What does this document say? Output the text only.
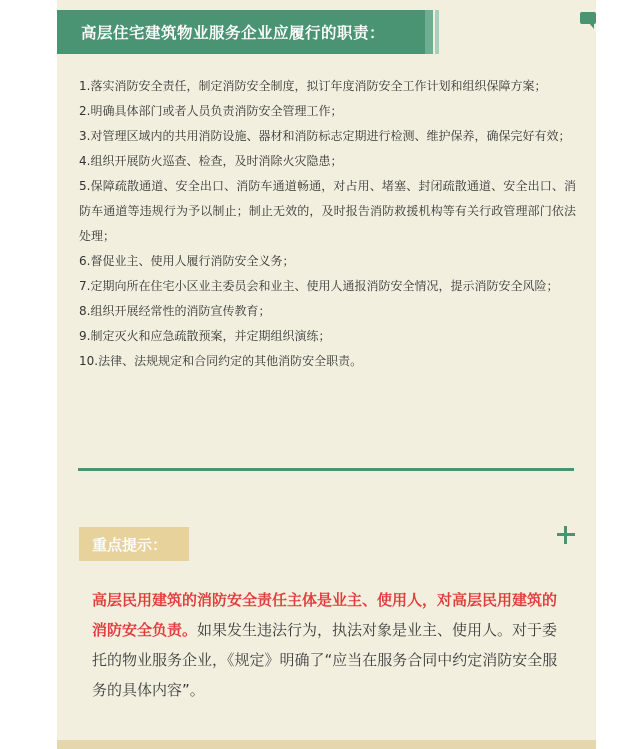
高层住宅建筑物业服务企业应履行的职责：
1.落实消防安全责任，制定消防安全制度，拟订年度消防安全工作计划和组织保障方案；
2.明确具体部门或者人员负责消防安全管理工作；
3.对管理区域内的共用消防设施、器材和消防标志定期进行检测、维护保养，确保完好有效；
4.组织开展防火巡查、检查，及时消除火灾隐患；
5.保障疏散通道、安全出口、消防车通道畅通，对占用、堵塞、封闭疏散通道、安全出口、消防车通道等违规行为予以制止；制止无效的，及时报告消防救援机构等有关行政管理部门依法处理；
6.督促业主、使用人履行消防安全义务；
7.定期向所在住宅小区业主委员会和业主、使用人通报消防安全情况，提示消防安全风险；
8.组织开展经常性的消防宣传教育；
9.制定灭火和应急疏散预案，并定期组织演练；
10.法律、法规规定和合同约定的其他消防安全职责。
重点提示：

高层民用建筑的消防安全责任主体是业主、使用人，对高层民用建筑的消防安全负责。如果发生违法行为，执法对象是业主、使用人。对于委托的物业服务企业，《规定》明确了“应当在服务合同中约定消防安全服务的具体内容”。
